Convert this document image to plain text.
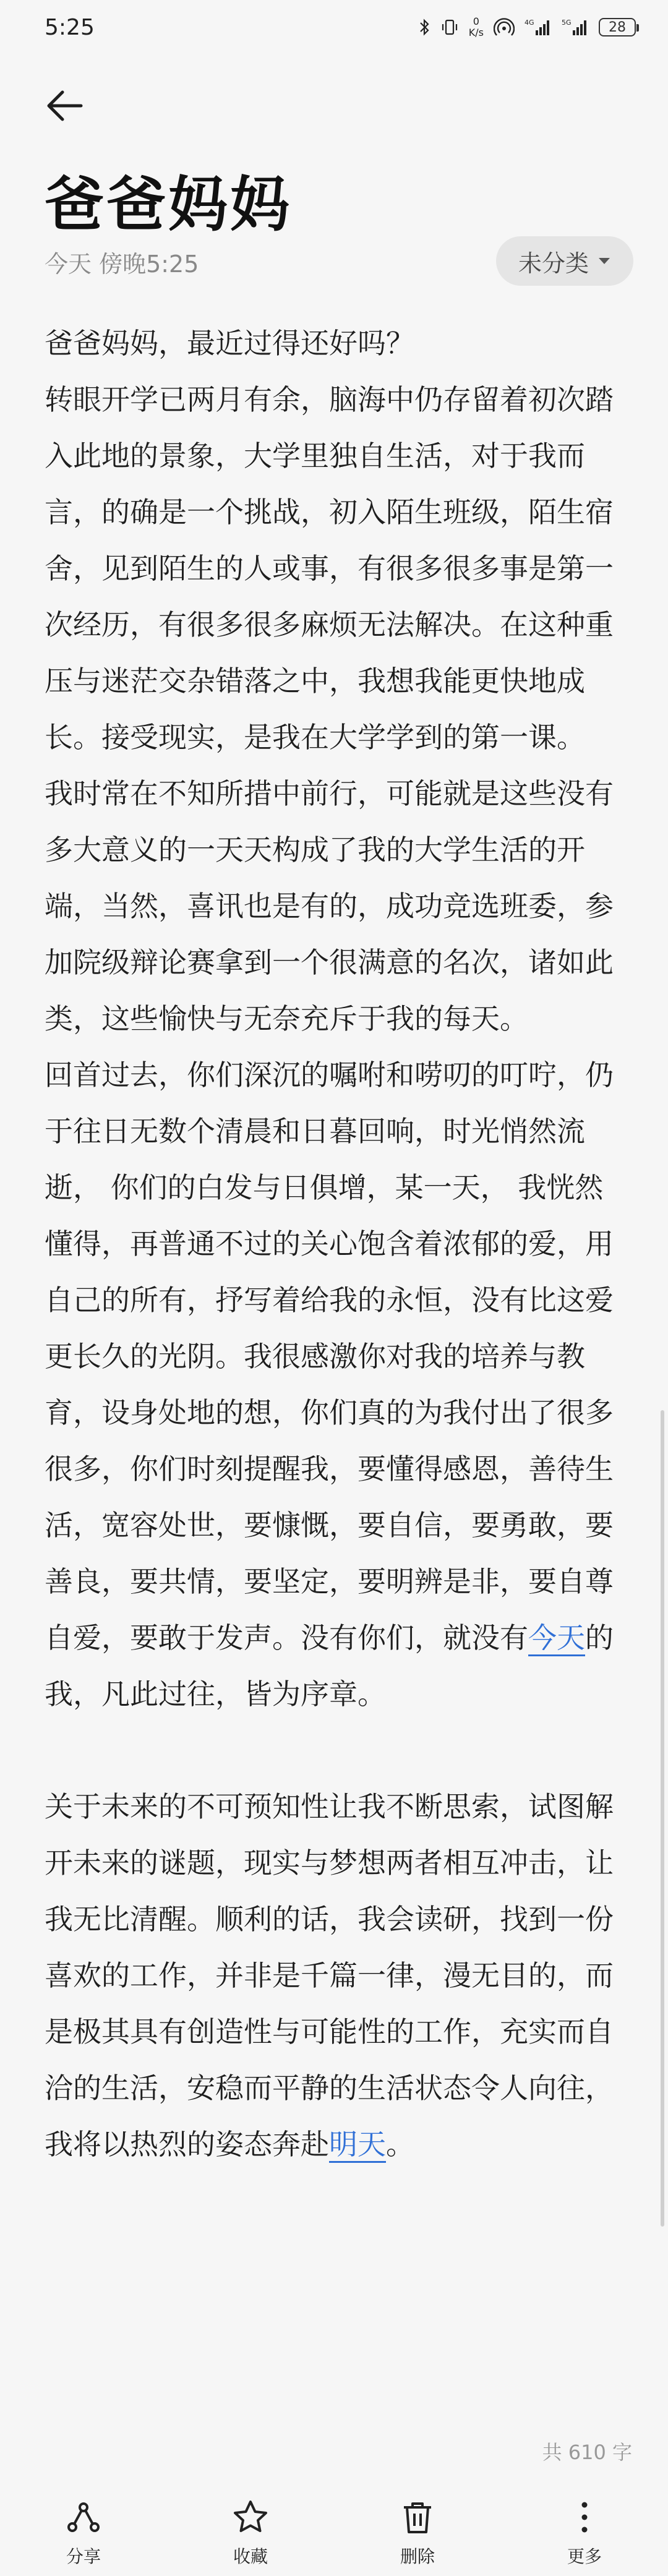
5:25	0
K/s
4G	5G	28
爸爸妈妈
今天 傍晚5:25	未分类

爸爸妈妈，最近过得还好吗？

转眼开学已两月有余，脑海中仍存留着初次踏入此地的景象，大学里独自生活，对于我而言，的确是一个挑战，初入陌生班级，陌生宿舍，见到陌生的人或事，有很多很多事是第一次经历，有很多很多麻烦无法解决。在这种重压与迷茫交杂错落之中，我想我能更快地成长。接受现实，是我在大学学到的第一课。

我时常在不知所措中前行，可能就是这些没有多大意义的一天天构成了我的大学生活的开端，当然，喜讯也是有的，成功竞选班委，参加院级辩论赛拿到一个很满意的名次，诸如此类，这些愉快与无奈充斥于我的每天。

回首过去，你们深沉的嘱咐和唠叨的叮咛，仍于往日无数个清晨和日暮回响，时光悄然流逝， 你们的白发与日俱增，某一天， 我恍然懂得，再普通不过的关心饱含着浓郁的爱，用自己的所有，抒写着给我的永恒，没有比这爱更长久的光阴。我很感激你对我的培养与教育，设身处地的想，你们真的为我付出了很多很多，你们时刻提醒我，要懂得感恩，善待生活，宽容处世，要慷慨，要自信，要勇敢，要善良，要共情，要坚定，要明辨是非，要自尊自爱，要敢于发声。没有你们，就没有今天的我，凡此过往，皆为序章。

关于未来的不可预知性让我不断思索，试图解开未来的谜题，现实与梦想两者相互冲击，让我无比清醒。顺利的话，我会读研，找到一份喜欢的工作，并非是千篇一律，漫无目的，而是极其具有创造性与可能性的工作，充实而自洽的生活，安稳而平静的生活状态令人向往，我将以热烈的姿态奔赴明天。

共 610 字
分享	收藏	删除	更多
